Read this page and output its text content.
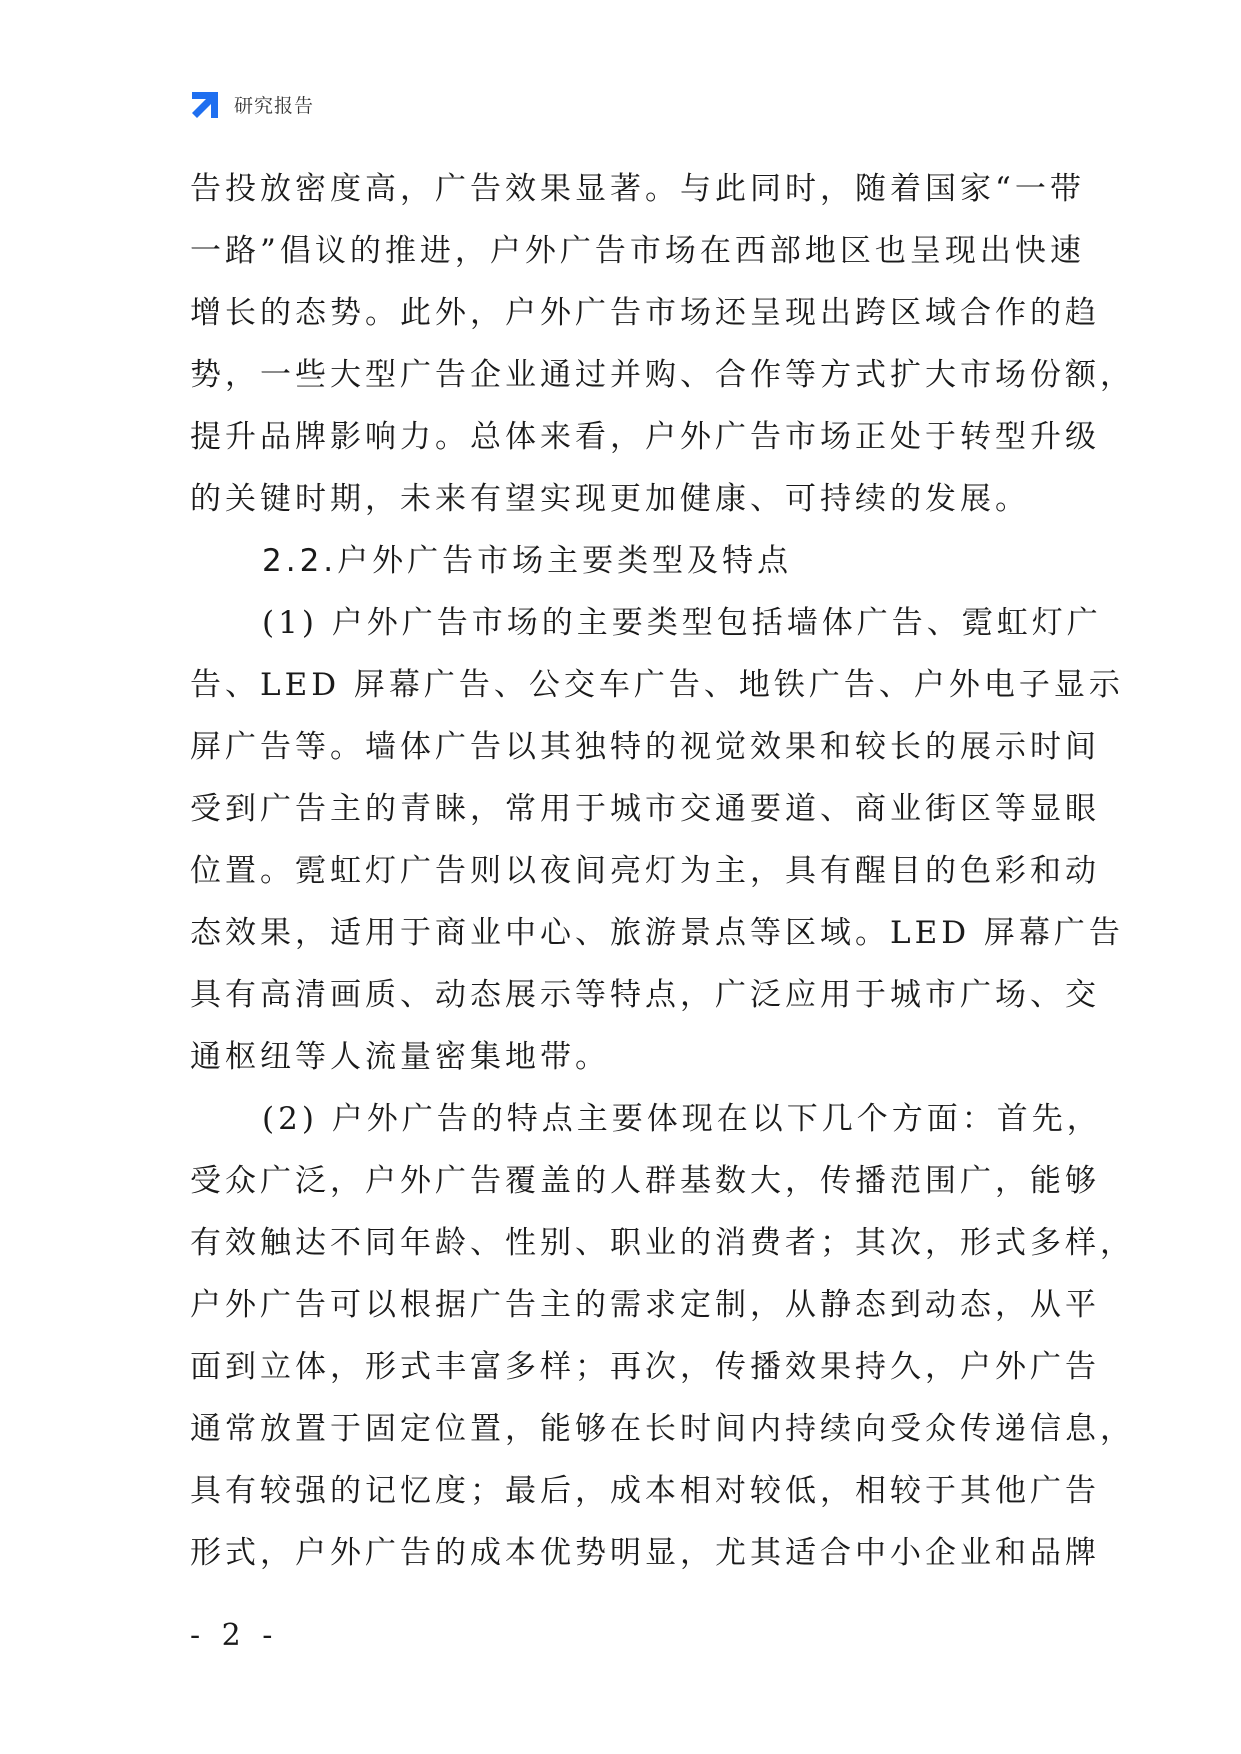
研究报告

告投放密度高，广告效果显著。与此同时，随着国家“一带

一路”倡议的推进，户外广告市场在西部地区也呈现出快速

增长的态势。此外，户外广告市场还呈现出跨区域合作的趋

势，一些大型广告企业通过并购、合作等方式扩大市场份额，

提升品牌影响力。总体来看，户外广告市场正处于转型升级

的关键时期，未来有望实现更加健康、可持续的发展。

2.2.户外广告市场主要类型及特点

(1) 户外广告市场的主要类型包括墙体广告、霓虹灯广

告、LED 屏幕广告、公交车广告、地铁广告、户外电子显示

屏广告等。墙体广告以其独特的视觉效果和较长的展示时间

受到广告主的青睐，常用于城市交通要道、商业街区等显眼

位置。霓虹灯广告则以夜间亮灯为主，具有醒目的色彩和动

态效果，适用于商业中心、旅游景点等区域。LED 屏幕广告

具有高清画质、动态展示等特点，广泛应用于城市广场、交

通枢纽等人流量密集地带。

(2) 户外广告的特点主要体现在以下几个方面：首先，

受众广泛，户外广告覆盖的人群基数大，传播范围广，能够

有效触达不同年龄、性别、职业的消费者；其次，形式多样，

户外广告可以根据广告主的需求定制，从静态到动态，从平

面到立体，形式丰富多样；再次，传播效果持久，户外广告

通常放置于固定位置，能够在长时间内持续向受众传递信息，

具有较强的记忆度；最后，成本相对较低，相较于其他广告

形式，户外广告的成本优势明显，尤其适合中小企业和品牌

- 2 -
